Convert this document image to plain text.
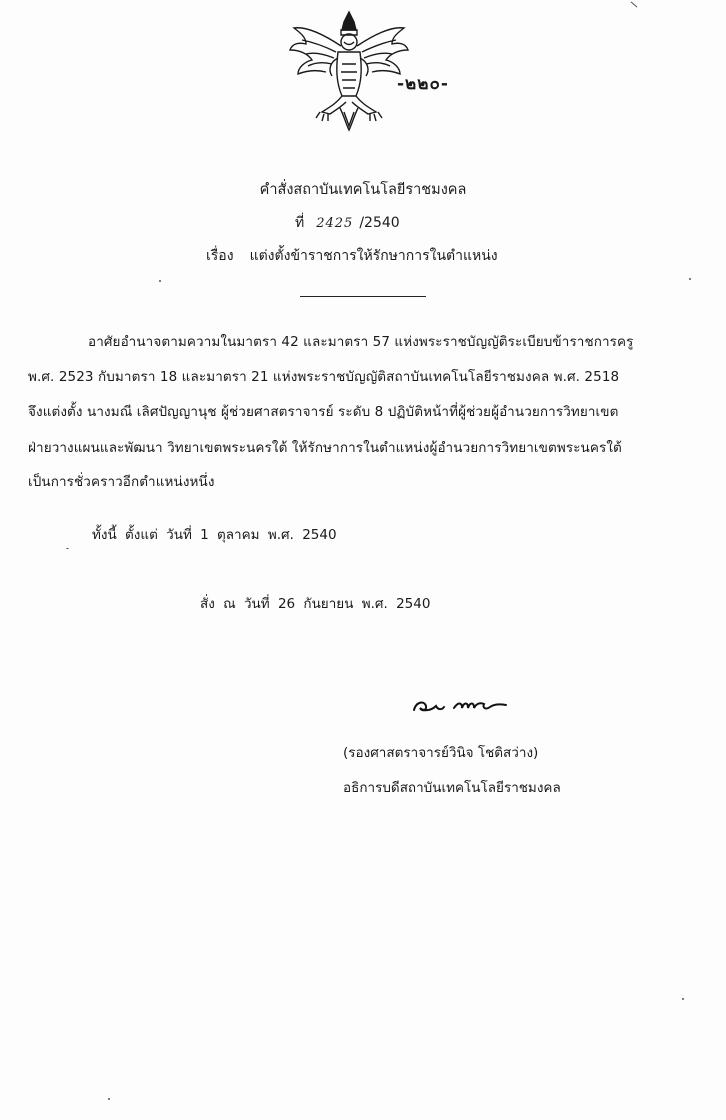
-๒๒๐-
คำสั่งสถาบันเทคโนโลยีราชมงคล
ที่ 2425 /2540
เรื่อง แต่งตั้งข้าราชการให้รักษาการในตำแหน่ง
อาศัยอำนาจตามความในมาตรา 42 และมาตรา 57 แห่งพระราชบัญญัติระเบียบข้าราชการครู
พ.ศ. 2523 กับมาตรา 18 และมาตรา 21 แห่งพระราชบัญญัติสถาบันเทคโนโลยีราชมงคล พ.ศ. 2518
จึงแต่งตั้ง นางมณี เลิศปัญญานุช ผู้ช่วยศาสตราจารย์ ระดับ 8 ปฏิบัติหน้าที่ผู้ช่วยผู้อำนวยการวิทยาเขต
ฝ่ายวางแผนและพัฒนา วิทยาเขตพระนครใต้ ให้รักษาการในตำแหน่งผู้อำนวยการวิทยาเขตพระนครใต้
เป็นการชั่วคราวอีกตำแหน่งหนึ่ง
ทั้งนี้ ตั้งแต่ วันที่ 1 ตุลาคม พ.ศ. 2540
สั่ง ณ วันที่ 26 กันยายน พ.ศ. 2540
(รองศาสตราจารย์วินิจ โชติสว่าง)
อธิการบดีสถาบันเทคโนโลยีราชมงคล
